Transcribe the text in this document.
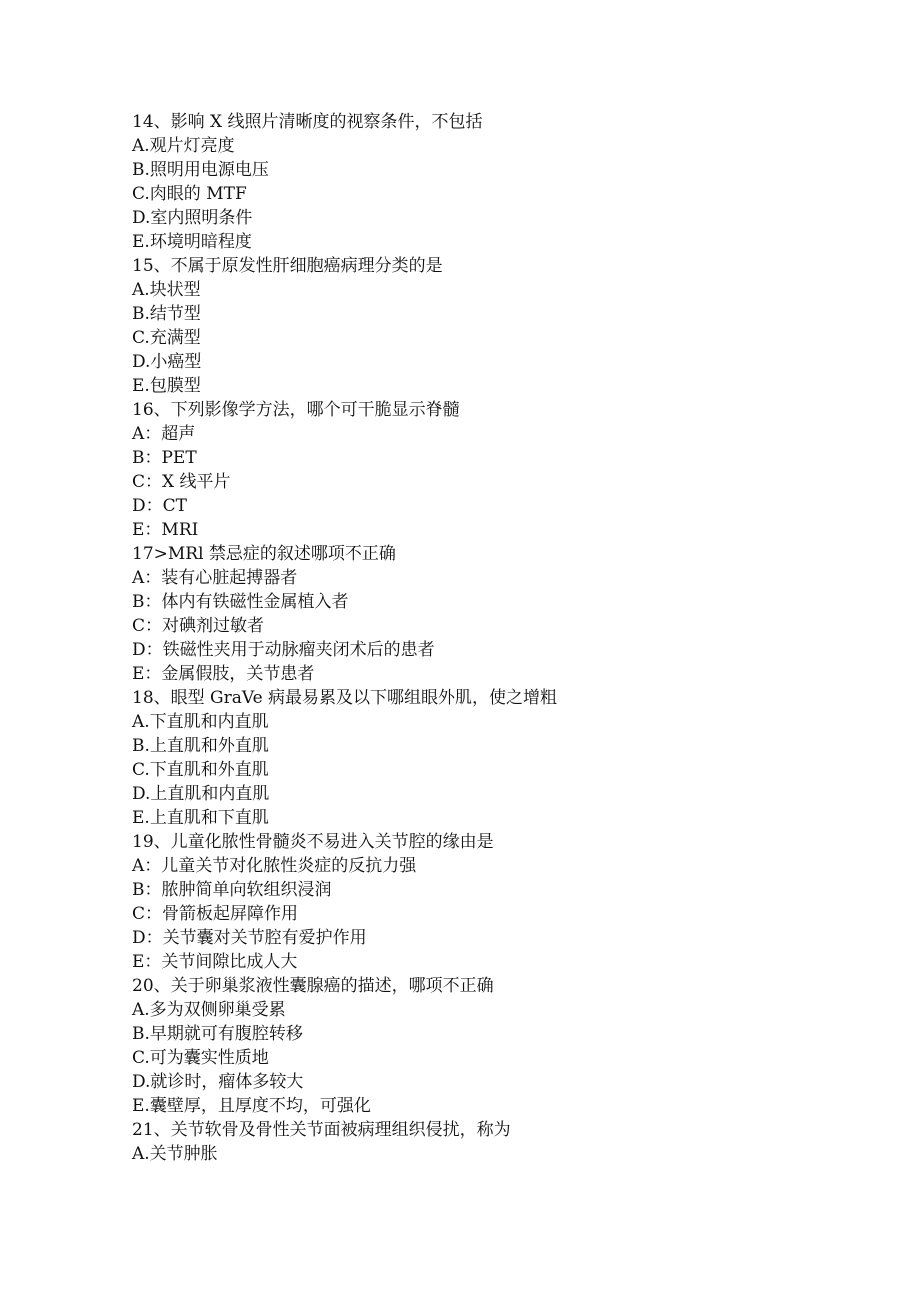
14、影响 X 线照片清晰度的视察条件，不包括
A.观片灯亮度
B.照明用电源电压
C.肉眼的 MTF
D.室内照明条件
E.环境明暗程度
15、不属于原发性肝细胞癌病理分类的是
A.块状型
B.结节型
C.充满型
D.小癌型
E.包膜型
16、下列影像学方法，哪个可干脆显示脊髓
A：超声
B：PET
C：X 线平片
D：CT
E：MRI
17>MRl 禁忌症的叙述哪项不正确
A：装有心脏起搏器者
B：体内有铁磁性金属植入者
C：对碘剂过敏者
D：铁磁性夹用于动脉瘤夹闭术后的患者
E：金属假肢，关节患者
18、眼型 GraVe 病最易累及以下哪组眼外肌，使之增粗
A.下直肌和内直肌
B.上直肌和外直肌
C.下直肌和外直肌
D.上直肌和内直肌
E.上直肌和下直肌
19、儿童化脓性骨髓炎不易进入关节腔的缘由是
A：儿童关节对化脓性炎症的反抗力强
B：脓肿简单向软组织浸润
C：骨箭板起屏障作用
D：关节囊对关节腔有爱护作用
E：关节间隙比成人大
20、关于卵巢浆液性囊腺癌的描述，哪项不正确
A.多为双侧卵巢受累
B.早期就可有腹腔转移
C.可为囊实性质地
D.就诊时，瘤体多较大
E.囊壁厚，且厚度不均，可强化
21、关节软骨及骨性关节面被病理组织侵扰，称为
A.关节肿胀
